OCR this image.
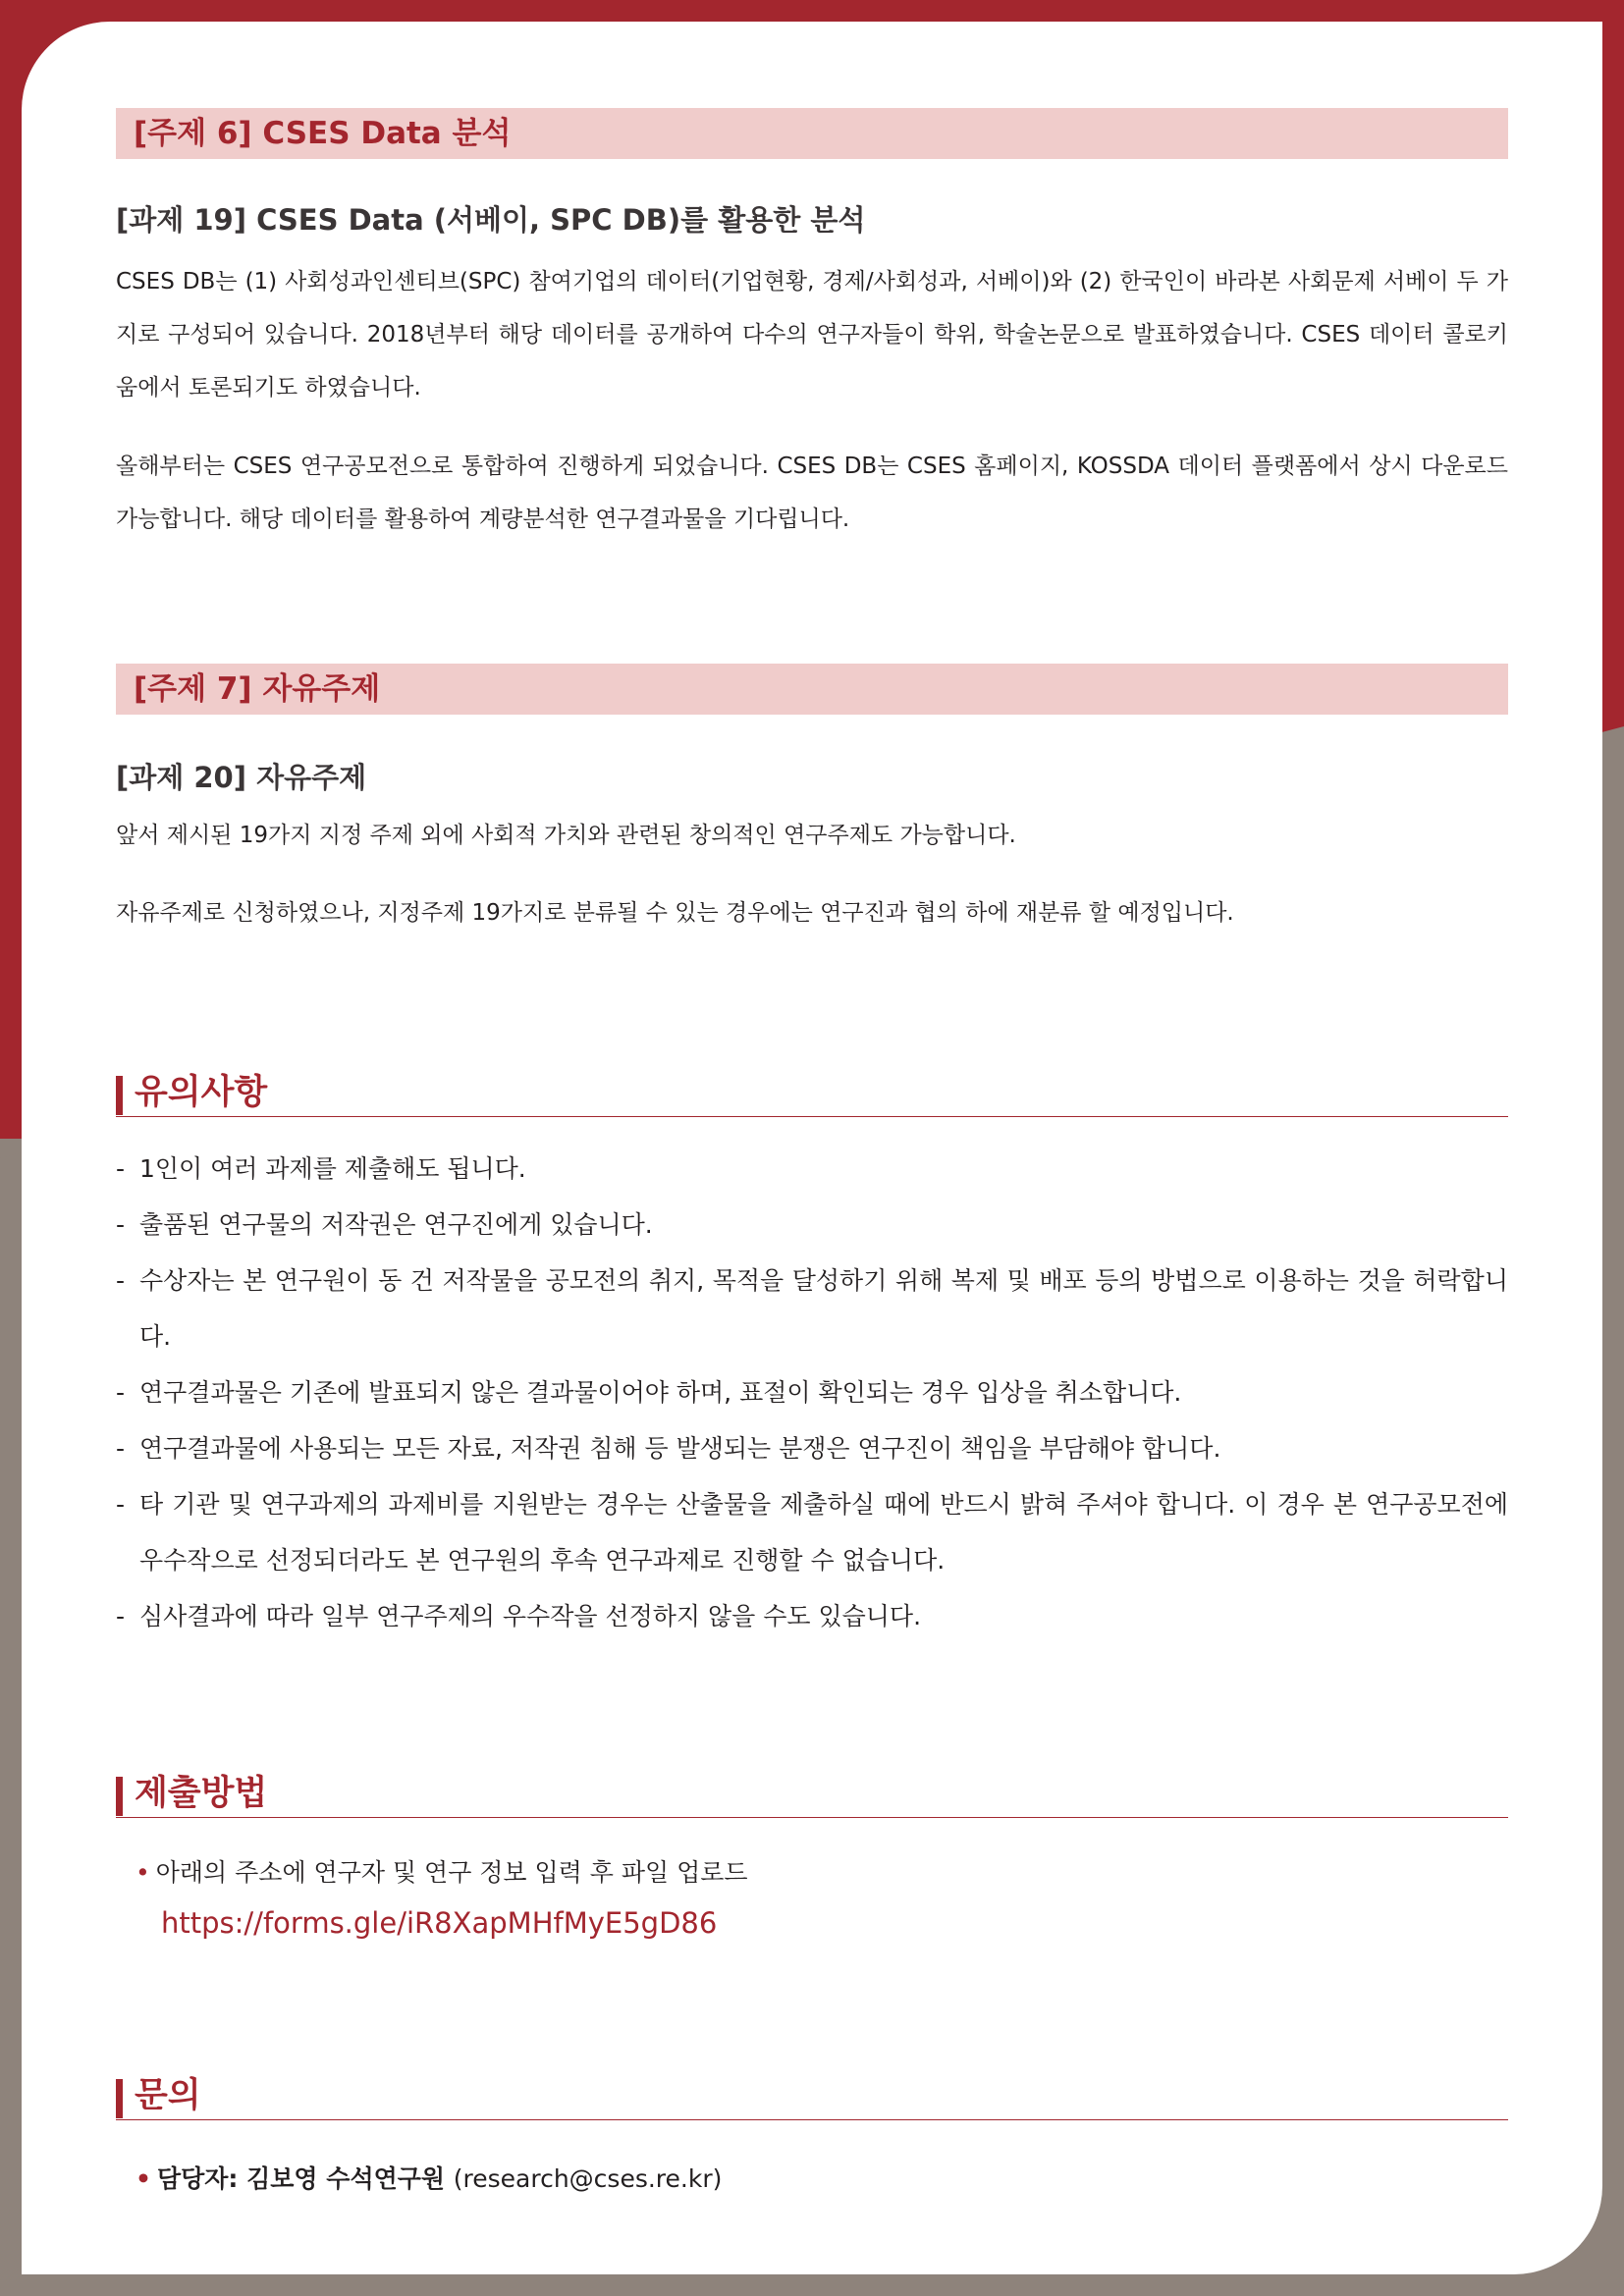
[주제 6] CSES Data 분석
[과제 19] CSES Data (서베이, SPC DB)를 활용한 분석

CSES DB는 (1) 사회성과인센티브(SPC) 참여기업의 데이터(기업현황, 경제/사회성과, 서베이)와 (2) 한국인이 바라본 사회문제 서베이 두 가지로 구성되어 있습니다. 2018년부터 해당 데이터를 공개하여 다수의 연구자들이 학위, 학술논문으로 발표하였습니다. CSES 데이터 콜로키움에서 토론되기도 하였습니다.

올해부터는 CSES 연구공모전으로 통합하여 진행하게 되었습니다. CSES DB는 CSES 홈페이지, KOSSDA 데이터 플랫폼에서 상시 다운로드 가능합니다. 해당 데이터를 활용하여 계량분석한 연구결과물을 기다립니다.

[주제 7] 자유주제
[과제 20] 자유주제

앞서 제시된 19가지 지정 주제 외에 사회적 가치와 관련된 창의적인 연구주제도 가능합니다.

자유주제로 신청하였으나, 지정주제 19가지로 분류될 수 있는 경우에는 연구진과 협의 하에 재분류 할 예정입니다.

유의사항
- 1인이 여러 과제를 제출해도 됩니다.
- 출품된 연구물의 저작권은 연구진에게 있습니다.
- 수상자는 본 연구원이 동 건 저작물을 공모전의 취지, 목적을 달성하기 위해 복제 및 배포 등의 방법으로 이용하는 것을 허락합니다.
- 연구결과물은 기존에 발표되지 않은 결과물이어야 하며, 표절이 확인되는 경우 입상을 취소합니다.
- 연구결과물에 사용되는 모든 자료, 저작권 침해 등 발생되는 분쟁은 연구진이 책임을 부담해야 합니다.
- 타 기관 및 연구과제의 과제비를 지원받는 경우는 산출물을 제출하실 때에 반드시 밝혀 주셔야 합니다. 이 경우 본 연구공모전에 우수작으로 선정되더라도 본 연구원의 후속 연구과제로 진행할 수 없습니다.
- 심사결과에 따라 일부 연구주제의 우수작을 선정하지 않을 수도 있습니다.
제출방법
• 아래의 주소에 연구자 및 연구 정보 입력 후 파일 업로드
https://forms.gle/iR8XapMHfMyE5gD86
문의
• 담당자: 김보영 수석연구원 (research@cses.re.kr)
